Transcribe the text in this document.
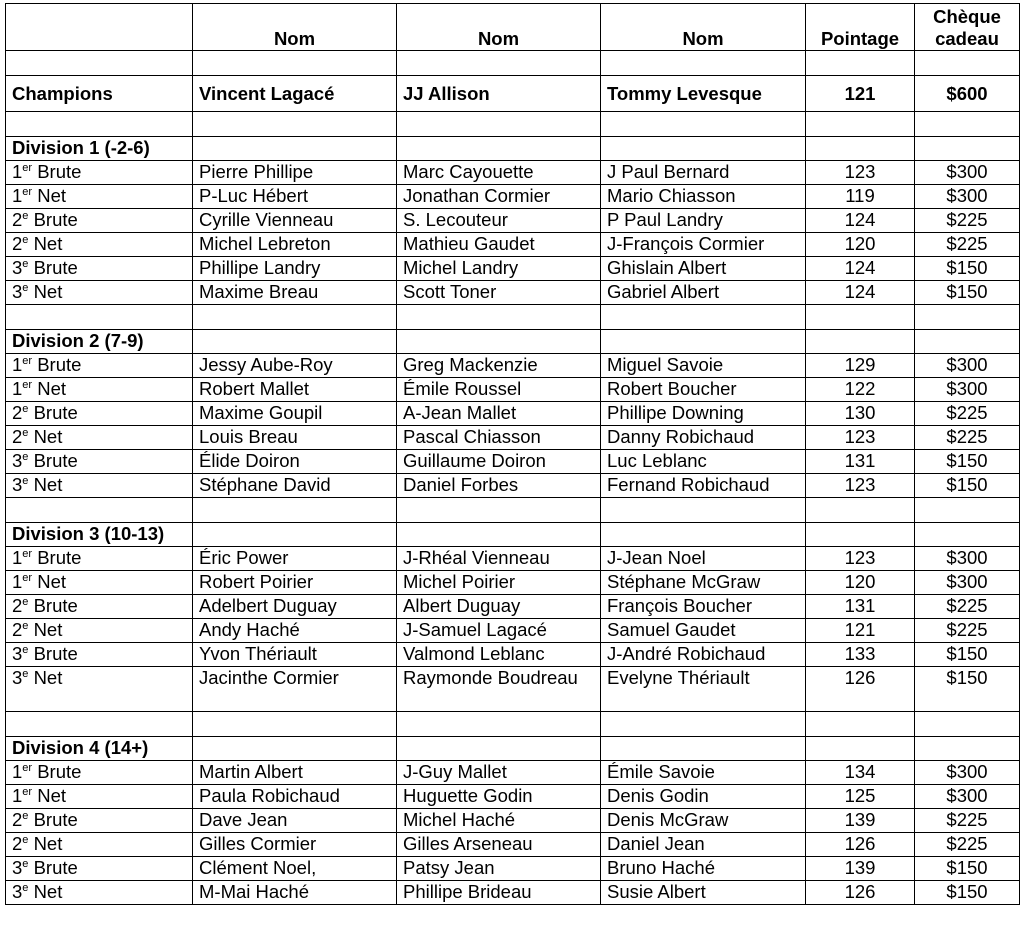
	Nom	Nom	Nom	Pointage	Chèque cadeau

Champions	Vincent Lagacé	JJ Allison	Tommy Levesque	121	$600

Division 1 (-2-6)					
1er Brute	Pierre Phillipe	Marc Cayouette	J Paul Bernard	123	$300
1er Net	P-Luc Hébert	Jonathan Cormier	Mario Chiasson	119	$300
2e Brute	Cyrille Vienneau	S. Lecouteur	P Paul Landry	124	$225
2e Net	Michel Lebreton	Mathieu Gaudet	J-François Cormier	120	$225
3e Brute	Phillipe Landry	Michel Landry	Ghislain Albert	124	$150
3e Net	Maxime Breau	Scott Toner	Gabriel Albert	124	$150

Division 2 (7-9)					
1er Brute	Jessy Aube-Roy	Greg Mackenzie	Miguel Savoie	129	$300
1er Net	Robert Mallet	Émile Roussel	Robert Boucher	122	$300
2e Brute	Maxime Goupil	A-Jean Mallet	Phillipe Downing	130	$225
2e Net	Louis Breau	Pascal Chiasson	Danny Robichaud	123	$225
3e Brute	Élide Doiron	Guillaume Doiron	Luc Leblanc	131	$150
3e Net	Stéphane David	Daniel Forbes	Fernand Robichaud	123	$150

Division 3 (10-13)					
1er Brute	Éric Power	J-Rhéal Vienneau	J-Jean Noel	123	$300
1er Net	Robert Poirier	Michel Poirier	Stéphane McGraw	120	$300
2e Brute	Adelbert Duguay	Albert Duguay	François Boucher	131	$225
2e Net	Andy Haché	J-Samuel Lagacé	Samuel Gaudet	121	$225
3e Brute	Yvon Thériault	Valmond Leblanc	J-André Robichaud	133	$150
3e Net	Jacinthe Cormier	Raymonde Boudreau	Evelyne Thériault	126	$150

Division 4 (14+)					
1er Brute	Martin Albert	J-Guy Mallet	Émile Savoie	134	$300
1er Net	Paula Robichaud	Huguette Godin	Denis Godin	125	$300
2e Brute	Dave Jean	Michel Haché	Denis McGraw	139	$225
2e Net	Gilles Cormier	Gilles Arseneau	Daniel Jean	126	$225
3e Brute	Clément Noel,	Patsy Jean	Bruno Haché	139	$150
3e Net	M-Mai Haché	Phillipe Bridеau	Susie Albert	126	$150
